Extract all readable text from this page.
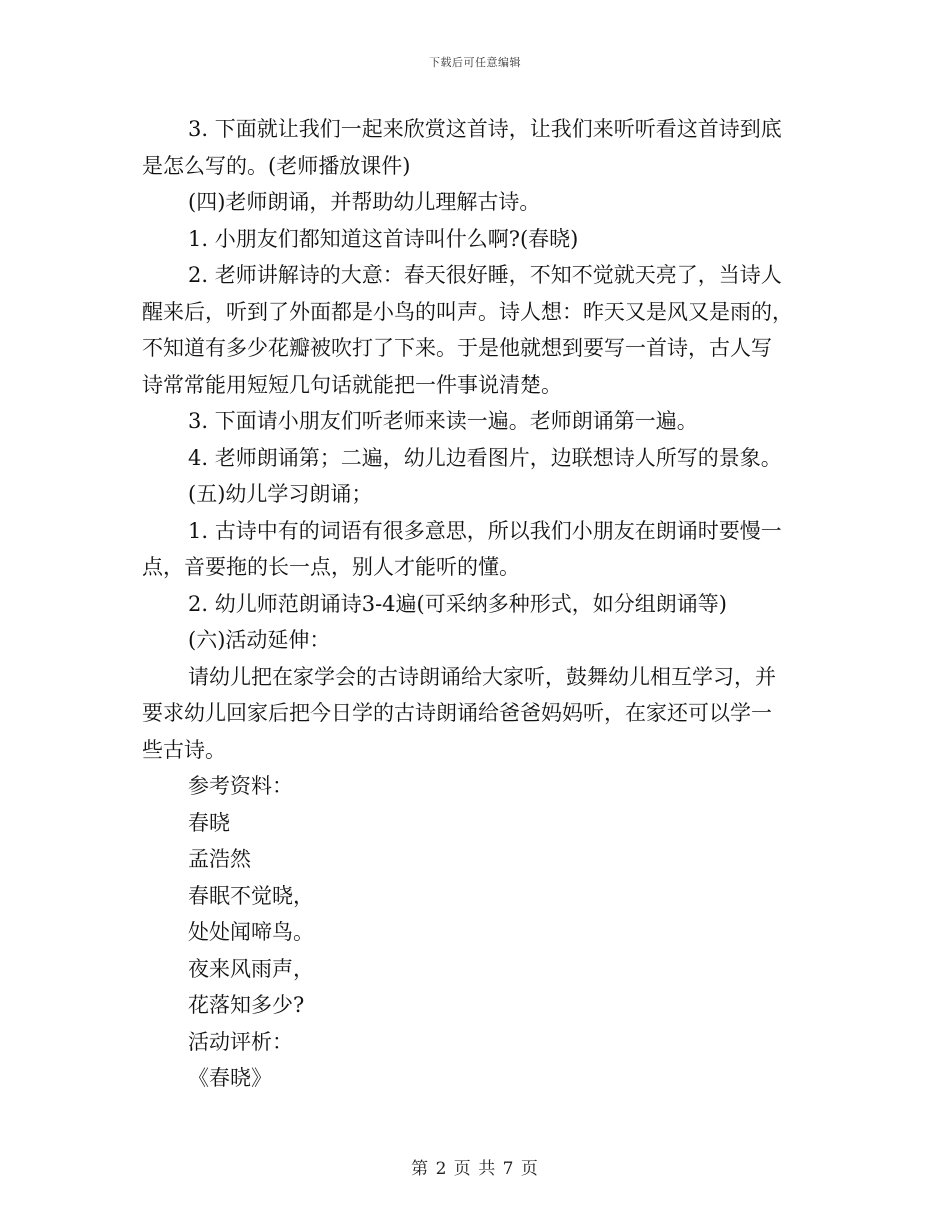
下载后可任意编辑
3. 下面就让我们一起来欣赏这首诗，让我们来听听看这首诗到底
是怎么写的。(老师播放课件)
(四)老师朗诵，并帮助幼儿理解古诗。
1. 小朋友们都知道这首诗叫什么啊?(春晓)
2. 老师讲解诗的大意：春天很好睡，不知不觉就天亮了，当诗人
醒来后，听到了外面都是小鸟的叫声。诗人想：昨天又是风又是雨的，
不知道有多少花瓣被吹打了下来。于是他就想到要写一首诗，古人写
诗常常能用短短几句话就能把一件事说清楚。
3. 下面请小朋友们听老师来读一遍。老师朗诵第一遍。
4. 老师朗诵第；二遍，幼儿边看图片，边联想诗人所写的景象。
(五)幼儿学习朗诵；
1. 古诗中有的词语有很多意思，所以我们小朋友在朗诵时要慢一
点，音要拖的长一点，别人才能听的懂。
2. 幼儿师范朗诵诗3-4遍(可采纳多种形式，如分组朗诵等)
(六)活动延伸：
请幼儿把在家学会的古诗朗诵给大家听，鼓舞幼儿相互学习，并
要求幼儿回家后把今日学的古诗朗诵给爸爸妈妈听，在家还可以学一
些古诗。
参考资料：
春晓
孟浩然
春眠不觉晓，
处处闻啼鸟。
夜来风雨声，
花落知多少?
活动评析：
《春晓》
第 2 页 共 7 页
